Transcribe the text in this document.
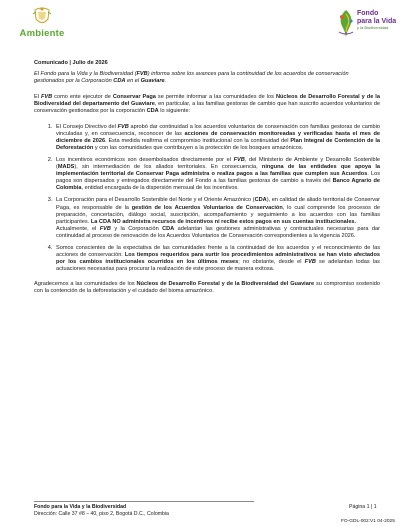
Ambiente
Fondo
para la Vida
y la Biodiversidad

Comunicado | Julio de 2026

El Fondo para la Vida y la Biodiversidad (FVB) informa sobre los avances para la continuidad de los acuerdos de conservación gestionados por la Corporación CDA en el Guaviare.

El FVB como ente ejecutor de Conservar Paga se permite informar a las comunidades de los Núcleos de Desarrollo Forestal y de la Biodiversidad del departamento del Guaviare, en particular, a las familias gestoras de cambio que han suscrito acuerdos voluntarios de conservación gestionados por la corporación CDA lo siguiente:

1. El Consejo Directivo del FVB aprobó dar continuidad a los acuerdos voluntarios de conservación con familias gestoras de cambio vinculadas y, en consecuencia, reconocer de las acciones de conservación monitoreadas y verificadas hasta el mes de diciembre de 2026. Esta medida reafirma el compromiso institucional con la continuidad del Plan Integral de Contención de la Deforestación y con las comunidades que contribuyen a la protección de los bosques amazónicos.
2. Los incentivos económicos son desembolsados directamente por el FVB, del Ministerio de Ambiente y Desarrollo Sostenible (MADS), sin intermediación de los aliados territoriales. En consecuencia, ninguna de las entidades que apoya la implementación territorial de Conservar Paga administra o realiza pagos a las familias que cumplen sus Acuerdos. Los pagos son dispersados y entregados directamente del Fondo a las familias gestoras de cambio a través del Banco Agrario de Colombia, entidad encargada de la dispersión mensual de los incentivos.
3. La Corporación para el Desarrollo Sostenible del Norte y el Oriente Amazónico (CDA), en calidad de aliado territorial de Conservar Paga, es responsable de la gestión de los Acuerdos Voluntarios de Conservación, lo cual comprende los procesos de preparación, concertación, diálogo social, suscripción, acompañamiento y seguimiento a los acuerdos con las familias participantes. La CDA NO administra recursos de incentivos ni recibe estos pagos en sus cuentas institucionales.
Actualmente, el FVB y la Corporación CDA adelantan las gestiones administrativas y contractuales necesarias para dar continuidad al proceso de renovación de los Acuerdos Voluntarios de Conservación correspondientes a la vigencia 2026.
4. Somos conscientes de la expectativa de las comunidades frente a la continuidad de los acuerdos y el reconocimiento de las acciones de conservación. Los tiempos requeridos para surtir los procedimientos administrativos se han visto afectados por los cambios institucionales ocurridos en los últimos meses; no obstante, desde el FVB se adelantan todas las actuaciones necesarias para procurar la realización de este proceso de manera exitosa.

Agradecemos a las comunidades de los Núcleos de Desarrollo Forestal y de la Biodiversidad del Guaviare su compromiso sostenido con la contención de la deforestación y el cuidado del bioma amazónico.

Fondo para la Vida y la Biodiversidad
Dirección: Calle 37 #8 – 40, piso 2, Bogotá D.C., Colombia
Página 1 | 1
FO-GDL-002:V1 04-2025
